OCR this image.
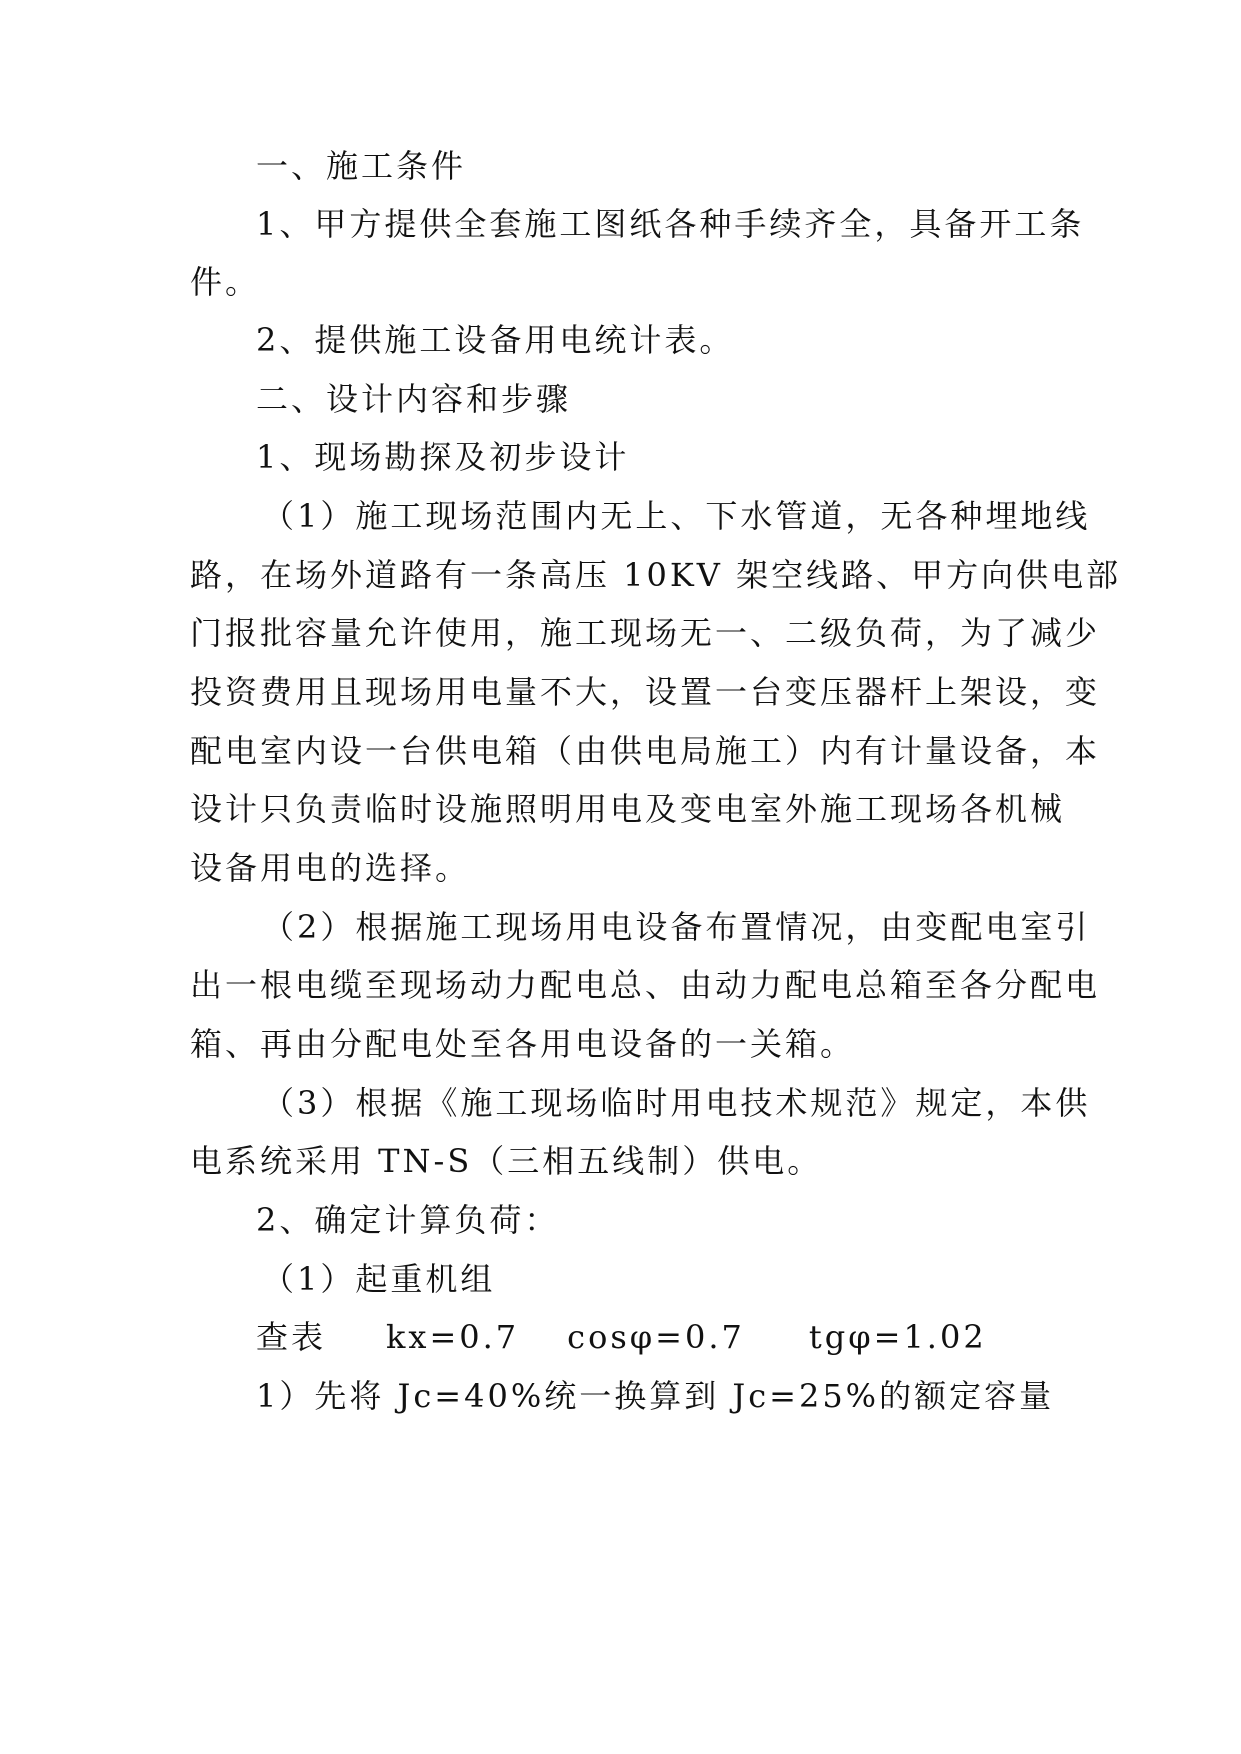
一、施工条件
1、甲方提供全套施工图纸各种手续齐全，具备开工条
件。
2、提供施工设备用电统计表。
二、设计内容和步骤
1、现场勘探及初步设计
（1）施工现场范围内无上、下水管道，无各种埋地线
路，在场外道路有一条高压 10KV 架空线路、甲方向供电部
门报批容量允许使用，施工现场无一、二级负荷，为了减少
投资费用且现场用电量不大，设置一台变压器杆上架设，变
配电室内设一台供电箱（由供电局施工）内有计量设备，本
设计只负责临时设施照明用电及变电室外施工现场各机械
设备用电的选择。
（2）根据施工现场用电设备布置情况，由变配电室引
出一根电缆至现场动力配电总、由动力配电总箱至各分配电
箱、再由分配电处至各用电设备的一关箱。
（3）根据《施工现场临时用电技术规范》规定，本供
电系统采用 TN-S（三相五线制）供电。
2、确定计算负荷：
（1）起重机组
查表 kx=0.7 cosφ=0.7 tgφ=1.02
1）先将 Jc=40%统一换算到 Jc=25%的额定容量
